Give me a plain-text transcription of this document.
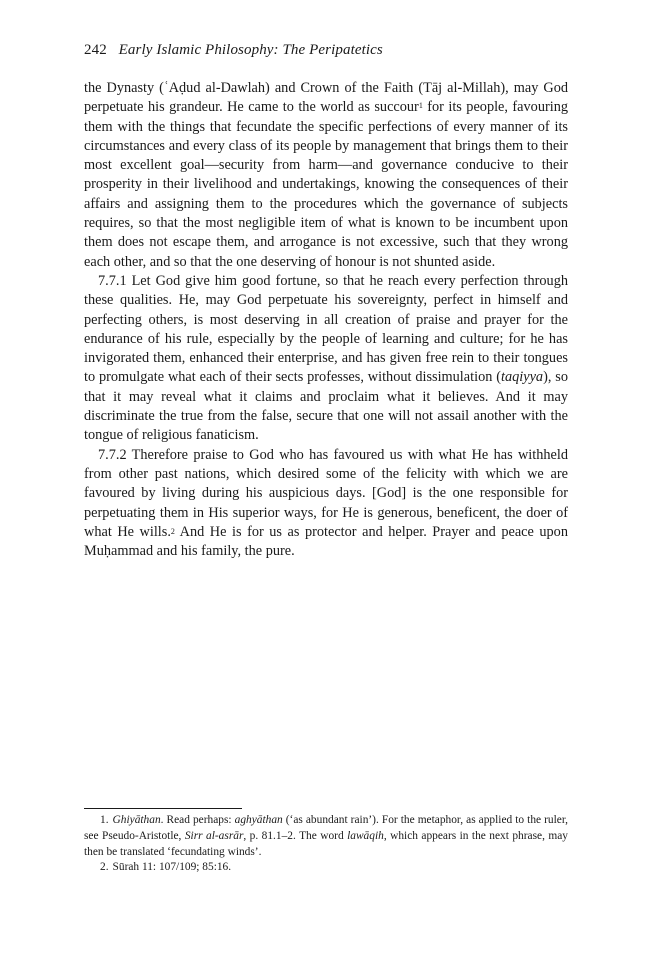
242 Early Islamic Philosophy: The Peripatetics

the Dynasty (ʿAḍud al-Dawlah) and Crown of the Faith (Tāj al-Millah), may God perpetuate his grandeur. He came to the world as succour$^1$ for its people, favouring them with the things that fecundate the specific perfections of every manner of its circumstances and every class of its people by management that brings them to their most excellent goal—security from harm—and governance conducive to their prosperity in their livelihood and undertakings, knowing the consequences of their affairs and assigning them to the procedures which the governance of subjects requires, so that the most negligible item of what is known to be incumbent upon them does not escape them, and arrogance is not excessive, such that they wrong each other, and so that the one deserving of honour is not shunted aside.

7.7.1 Let God give him good fortune, so that he reach every perfection through these qualities. He, may God perpetuate his sovereignty, perfect in himself and perfecting others, is most deserving in all creation of praise and prayer for the endurance of his rule, especially by the people of learning and culture; for he has invigorated them, enhanced their enterprise, and has given free rein to their tongues to promulgate what each of their sects professes, without dissimulation (taqiyya), so that it may reveal what it claims and proclaim what it believes. And it may discriminate the true from the false, secure that one will not assail another with the tongue of religious fanaticism.

7.7.2 Therefore praise to God who has favoured us with what He has withheld from other past nations, which desired some of the felicity with which we are favoured by living during his auspicious days. [God] is the one responsible for perpetuating them in His superior ways, for He is generous, beneficent, the doer of what He wills.$^2$ And He is for us as protector and helper. Prayer and peace upon Muḥammad and his family, the pure.

1. Ghiyāthan. Read perhaps: aghyāthan (‘as abundant rain’). For the metaphor, as applied to the ruler, see Pseudo-Aristotle, Sirr al-asrār, p. 81.1–2. The word lawāqih, which appears in the next phrase, may then be translated ‘fecundating winds’.

2. Sūrah 11: 107/109; 85:16.
